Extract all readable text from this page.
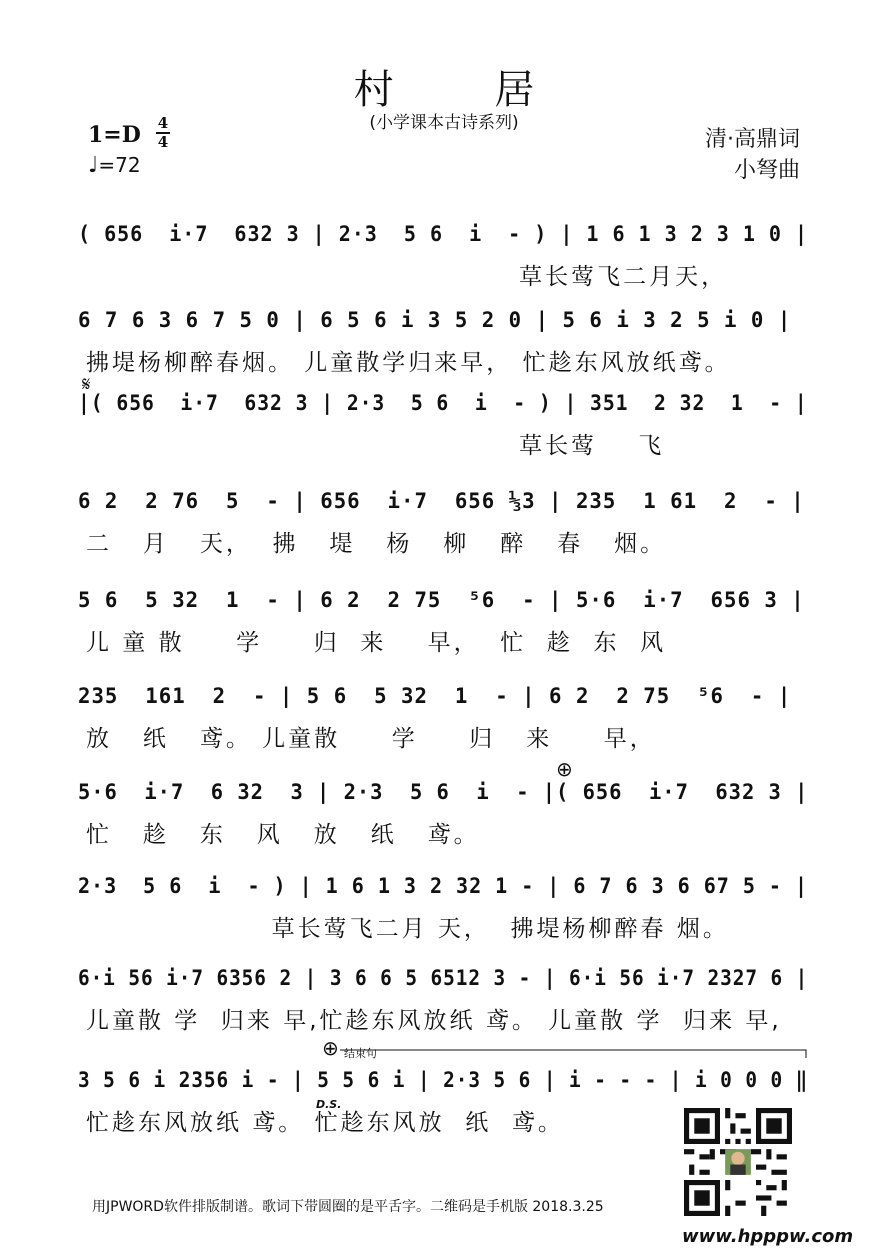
村 居
(小学课本古诗系列)
1=D 4
4
♩=72
清·高鼎词
小弩曲
( 656  i·7  632 3 | 2·3  5 6  i  - ) | 1 6 1 3 2 3 1 0 |
草长莺飞二月天，
6 7 6 3 6 7 5 0 | 6 5 6 i 3 5 2 0 | 5 6 i 3 2 5 i 0 |
拂堤杨柳醉春烟。 儿童散学归来早， 忙趁东风放纸鸢。
|( 656  i·7  632 3 | 2·3  5 6  i  - ) | 351  2 32  1  - |
草长莺    飞
6 2  2 76  5  - | 656  i·7  656 ⅓3 | 235  1 61  2  - |
二   月   天，  拂   堤   杨   柳   醉   春   烟。
5 6  5 32  1  - | 6 2  2 75  ⁵6  - | 5·6  i·7  656 3 |
儿 童 散     学     归  来    早，  忙  趁  东  风
235  161  2  - | 5 6  5 32  1  - | 6 2  2 75  ⁵6  - |
放   纸   鸢。 儿童散     学     归   来     早，
5·6  i·7  6 32  3 | 2·3  5 6  i  - |( 656  i·7  632 3 |
忙   趁   东   风   放   纸   鸢。
2·3  5 6  i  - ) | 1 6 1 3 2 32 1 - | 6 7 6 3 6 67 5 - |
草长莺飞二月 天，  拂堤杨柳醉春 烟。
6·i 56 i·7 6356 2 | 3 6 6 5 6512 3 - | 6·i 56 i·7 2327 6 |
儿童散 学  归来 早,忙趁东风放纸 鸢。 儿童散 学  归来 早,
3 5 6 i 2356 i - | 5 5 6 i | 2·3 5 6 | i - - - | i 0 0 0 ‖
忙趁东风放纸 鸢。 忙趁东风放  纸  鸢。
𝄋
⊕
⊕ 结束句
D.S.
用JPWORD软件排版制谱。歌词下带圆圈的是平舌字。二维码是手机版 2018.3.25
www.hpppw.com
